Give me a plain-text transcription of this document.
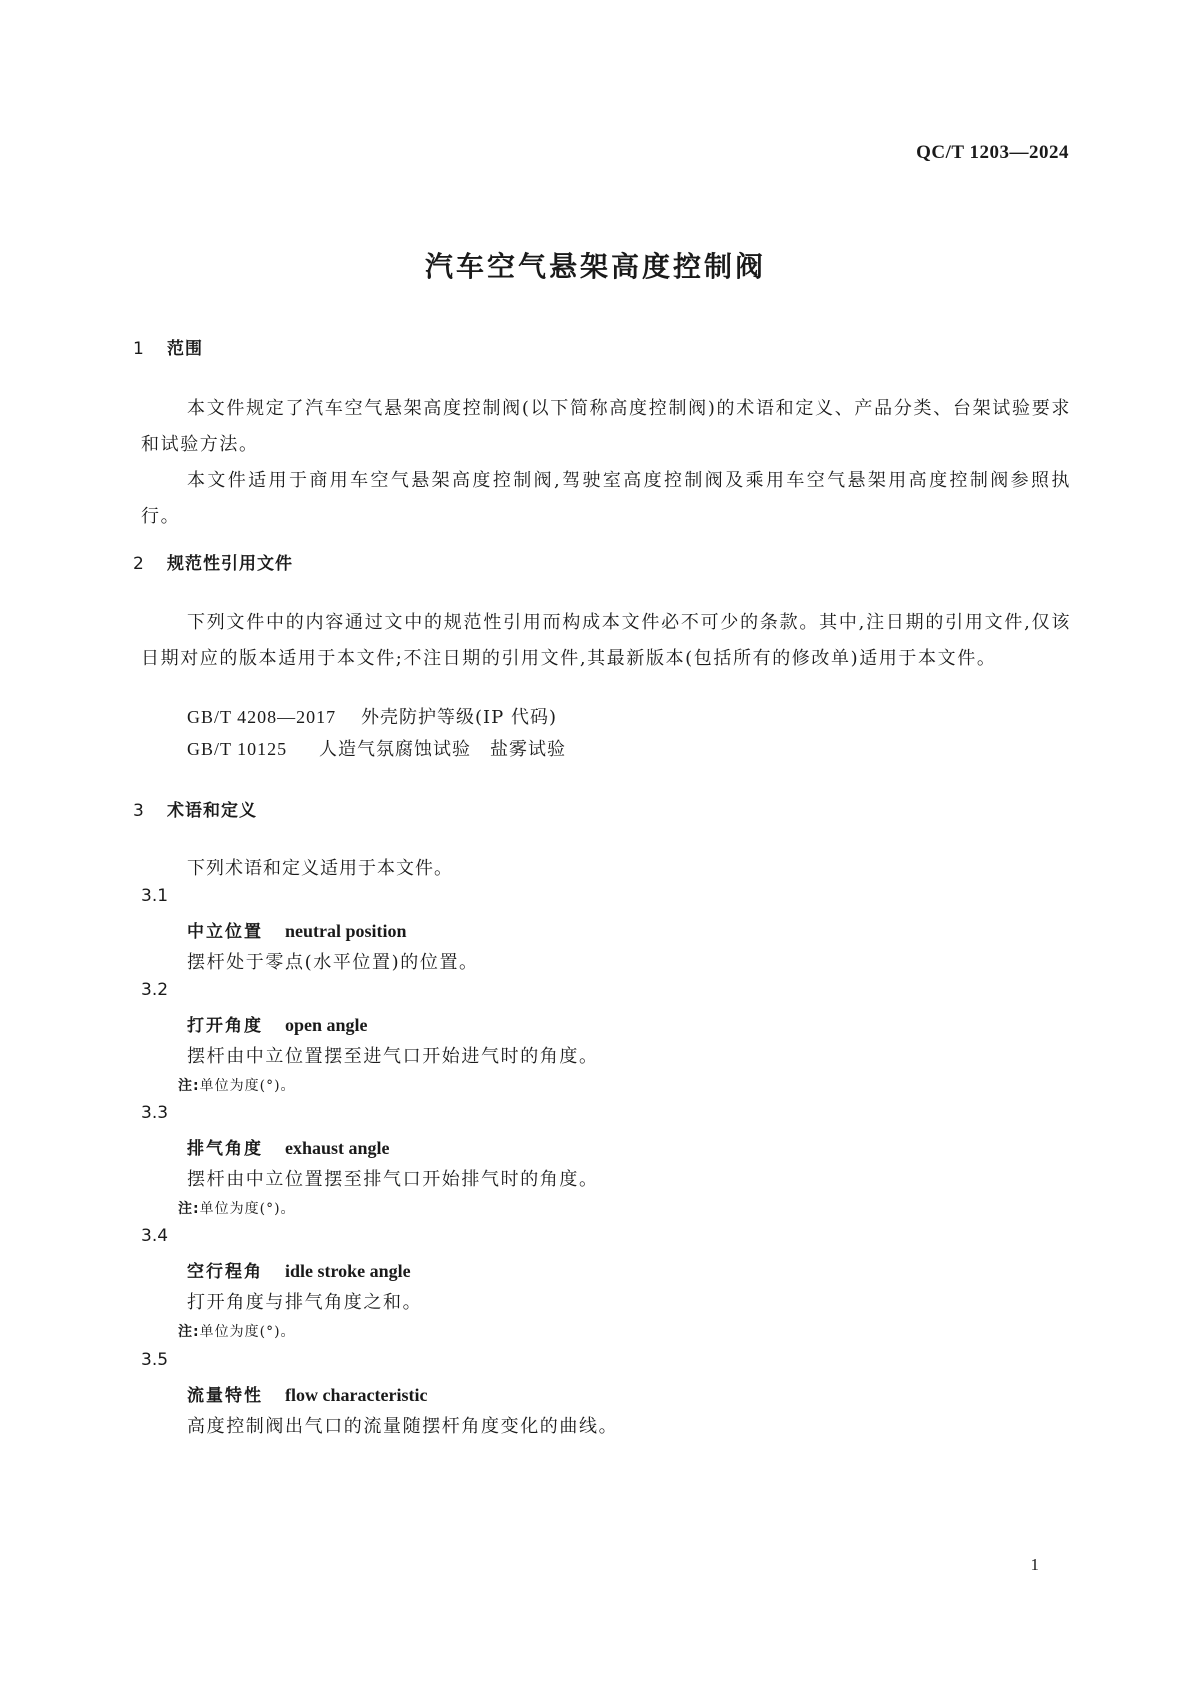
QC/T 1203—2024
汽车空气悬架高度控制阀
1 范围

本文件规定了汽车空气悬架高度控制阀(以下简称高度控制阀)的术语和定义、产品分类、台架试验要求和试验方法。

本文件适用于商用车空气悬架高度控制阀,驾驶室高度控制阀及乘用车空气悬架用高度控制阀参照执行。

2 规范性引用文件

下列文件中的内容通过文中的规范性引用而构成本文件必不可少的条款。其中,注日期的引用文件,仅该日期对应的版本适用于本文件;不注日期的引用文件,其最新版本(包括所有的修改单)适用于本文件。

GB/T 4208—2017 外壳防护等级(IP 代码)
GB/T 10125 人造气氛腐蚀试验　盐雾试验
3 术语和定义
下列术语和定义适用于本文件。
3.1
中立位置 neutral position
摆杆处于零点(水平位置)的位置。
3.2
打开角度 open angle
摆杆由中立位置摆至进气口开始进气时的角度。
注:单位为度(°)。
3.3
排气角度 exhaust angle
摆杆由中立位置摆至排气口开始排气时的角度。
注:单位为度(°)。
3.4
空行程角 idle stroke angle
打开角度与排气角度之和。
注:单位为度(°)。
3.5
流量特性 flow characteristic
高度控制阀出气口的流量随摆杆角度变化的曲线。
1
